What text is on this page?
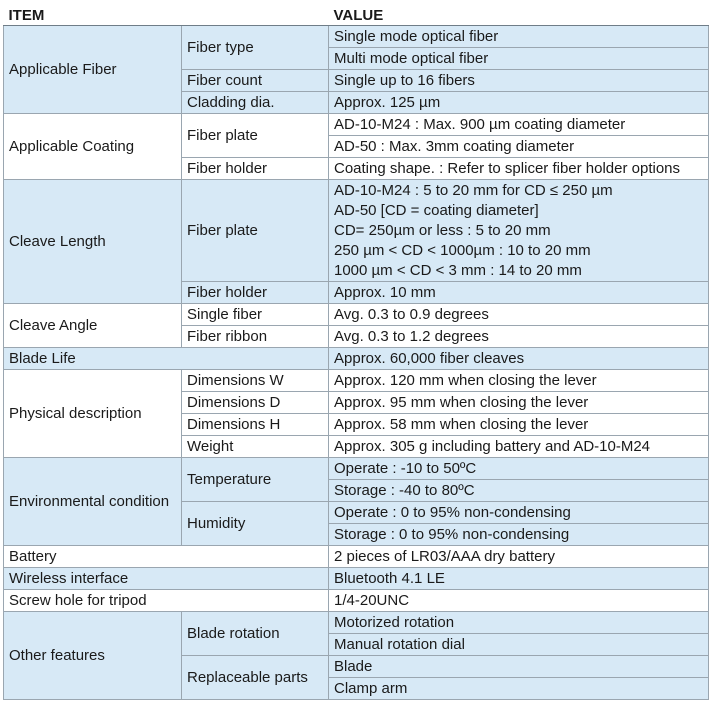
ITEM		VALUE
Applicable Fiber	Fiber type	Single mode optical fiber
		Multi mode optical fiber
	Fiber count	Single up to 16 fibers
	Cladding dia.	Approx. 125 µm

Applicable Coating	Fiber plate	AD-10-M24 : Max. 900 µm coating diameter
		AD-50 : Max. 3mm coating diameter
	Fiber holder	Coating shape. : Refer to splicer fiber holder options
Cleave Length	Fiber plate	AD-10-M24 : 5 to 20 mm for CD ≤ 250 µm
AD-50 [CD = coating diameter]
CD= 250µm or less : 5 to 20 mm
250 µm < CD < 1000µm : 10 to 20 mm
1000 µm < CD < 3 mm : 14 to 20 mm

	Fiber holder	Approx. 10 mm
Cleave Angle	Single fiber	Avg. 0.3 to 0.9 degrees
	Fiber ribbon	Avg. 0.3 to 1.2 degrees
Blade Life		Approx. 60,000 fiber cleaves
Physical description	Dimensions W	Approx. 120 mm when closing the lever
	Dimensions D	Approx. 95 mm when closing the lever
	Dimensions H	Approx. 58 mm when closing the lever
	Weight	Approx. 305 g including battery and AD-10-M24
Environmental condition	Temperature	Operate : -10 to 50ºC
		Storage : -40 to 80ºC
	Humidity	Operate : 0 to 95% non-condensing
		Storage : 0 to 95% non-condensing
Battery		2 pieces of LR03/AAA dry battery
Wireless interface		Bluetooth 4.1 LE
Screw hole for tripod		1/4-20UNC
Other features	Blade rotation	Motorized rotation
		Manual rotation dial
	Replaceable parts	Blade
		Clamp arm
